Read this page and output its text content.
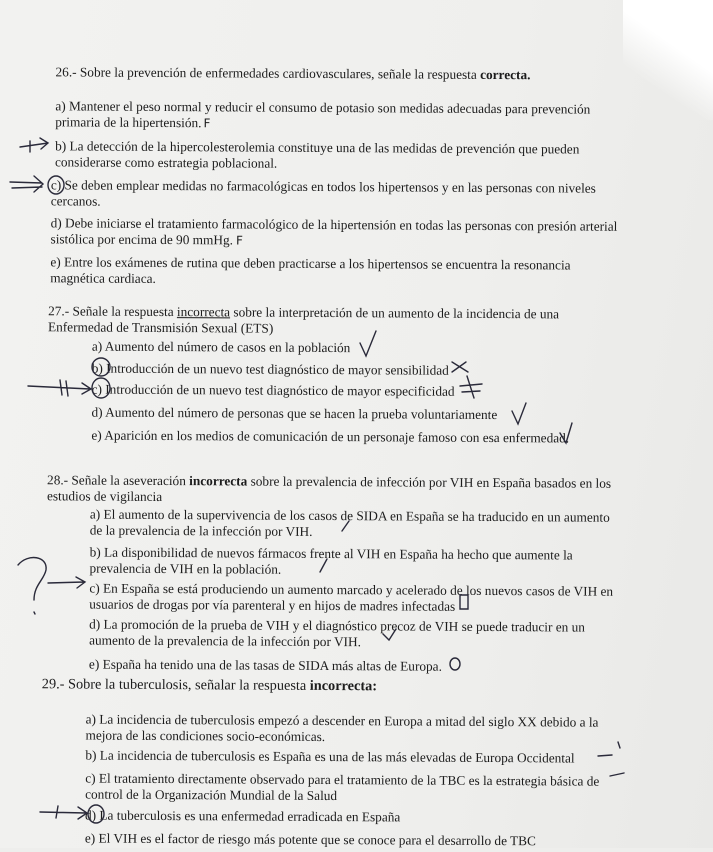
26.- Sobre la prevención de enfermedades cardiovasculares, señale la respuesta correcta.
a) Mantener el peso normal y reducir el consumo de potasio son medidas adecuadas para prevención
primaria de la hipertensión. F
b) La detección de la hipercolesterolemia constituye una de las medidas de prevención que pueden
considerarse como estrategia poblacional.
c) Se deben emplear medidas no farmacológicas en todos los hipertensos y en las personas con niveles
cercanos.
d) Debe iniciarse el tratamiento farmacológico de la hipertensión en todas las personas con presión arterial
sistólica por encima de 90 mmHg. F
e) Entre los exámenes de rutina que deben practicarse a los hipertensos se encuentra la resonancia
magnética cardiaca.
27.- Señale la respuesta incorrecta sobre la interpretación de un aumento de la incidencia de una
Enfermedad de Transmisión Sexual (ETS)
a) Aumento del número de casos en la población
b) Introducción de un nuevo test diagnóstico de mayor sensibilidad
c) Introducción de un nuevo test diagnóstico de mayor especificidad
d) Aumento del número de personas que se hacen la prueba voluntariamente
e) Aparición en los medios de comunicación de un personaje famoso con esa enfermedad.
28.- Señale la aseveración incorrecta sobre la prevalencia de infección por VIH en España basados en los
estudios de vigilancia
a) El aumento de la supervivencia de los casos de SIDA en España se ha traducido en un aumento
de la prevalencia de la infección por VIH.
b) La disponibilidad de nuevos fármacos frente al VIH en España ha hecho que aumente la
prevalencia de VIH en la población.
c) En España se está produciendo un aumento marcado y acelerado de los nuevos casos de VIH en
usuarios de drogas por vía parenteral y en hijos de madres infectadas
d) La promoción de la prueba de VIH y el diagnóstico precoz de VIH se puede traducir en un
aumento de la prevalencia de la infección por VIH.
e) España ha tenido una de las tasas de SIDA más altas de Europa.
29.- Sobre la tuberculosis, señalar la respuesta incorrecta:
a) La incidencia de tuberculosis empezó a descender en Europa a mitad del siglo XX debido a la
mejora de las condiciones socio-económicas.
b) La incidencia de tuberculosis es España es una de las más elevadas de Europa Occidental
c) El tratamiento directamente observado para el tratamiento de la TBC es la estrategia básica de
control de la Organización Mundial de la Salud
d) La tuberculosis es una enfermedad erradicada en España
e) El VIH es el factor de riesgo más potente que se conoce para el desarrollo de TBC
